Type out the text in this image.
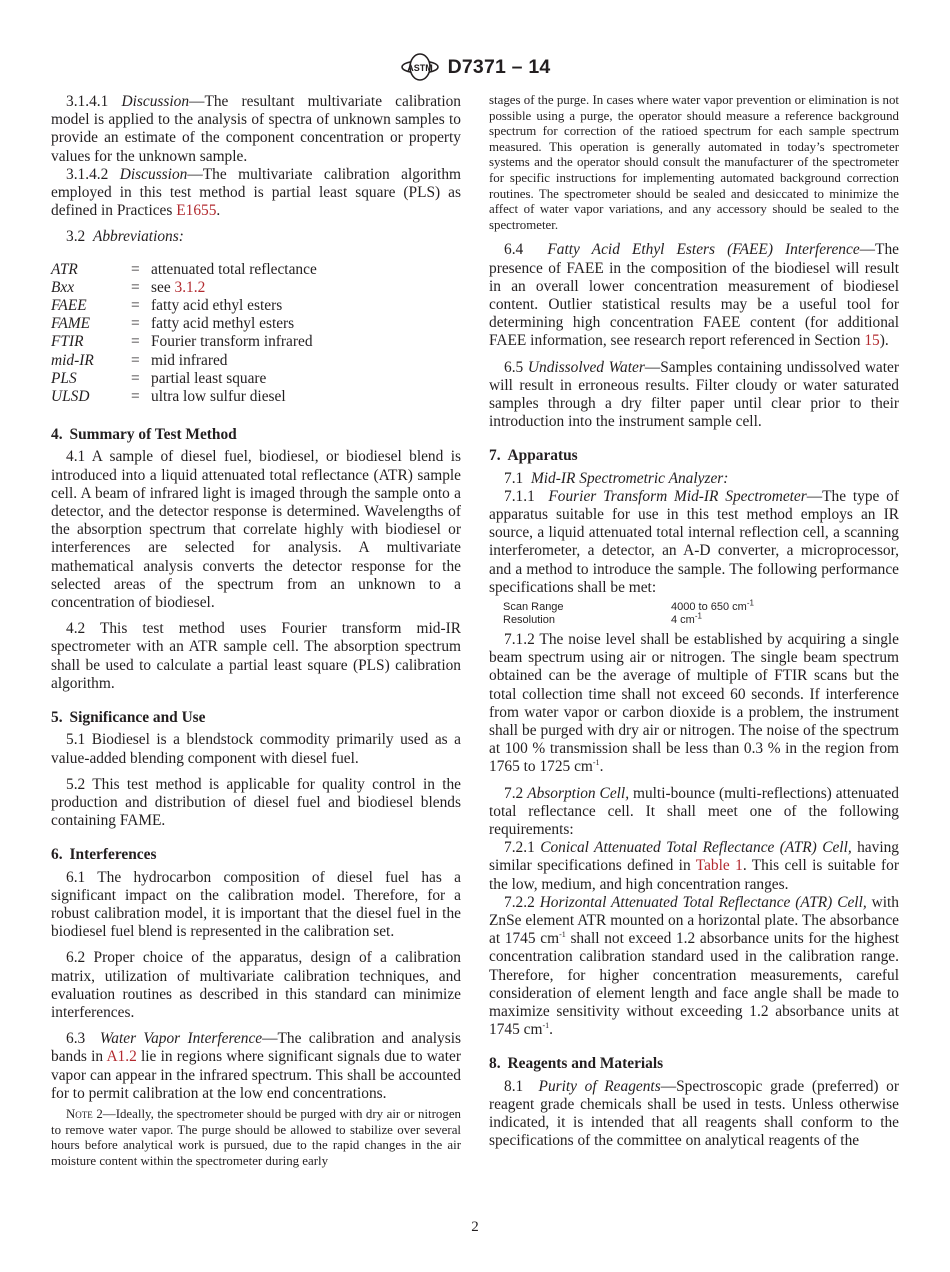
ASTM D7371 – 14

3.1.4.1 Discussion—The resultant multivariate calibration model is applied to the analysis of spectra of unknown samples to provide an estimate of the component concentration or property values for the unknown sample.

3.1.4.2 Discussion—The multivariate calibration algorithm employed in this test method is partial least square (PLS) as defined in Practices E1655.

3.2 Abbreviations:

ATR	= attenuated total reflectance
Bxx	= see 3.1.2
FAEE	= fatty acid ethyl esters
FAME	= fatty acid methyl esters
FTIR	= Fourier transform infrared
mid-IR	= mid infrared
PLS	= partial least square
ULSD	= ultra low sulfur diesel

4. Summary of Test Method

4.1 A sample of diesel fuel, biodiesel, or biodiesel blend is introduced into a liquid attenuated total reflectance (ATR) sample cell. A beam of infrared light is imaged through the sample onto a detector, and the detector response is determined. Wavelengths of the absorption spectrum that correlate highly with biodiesel or interferences are selected for analysis. A multivariate mathematical analysis converts the detector response for the selected areas of the spectrum from an unknown to a concentration of biodiesel.

4.2 This test method uses Fourier transform mid-IR spectrometer with an ATR sample cell. The absorption spectrum shall be used to calculate a partial least square (PLS) calibration algorithm.

5. Significance and Use

5.1 Biodiesel is a blendstock commodity primarily used as a value-added blending component with diesel fuel.

5.2 This test method is applicable for quality control in the production and distribution of diesel fuel and biodiesel blends containing FAME.

6. Interferences

6.1 The hydrocarbon composition of diesel fuel has a significant impact on the calibration model. Therefore, for a robust calibration model, it is important that the diesel fuel in the biodiesel fuel blend is represented in the calibration set.

6.2 Proper choice of the apparatus, design of a calibration matrix, utilization of multivariate calibration techniques, and evaluation routines as described in this standard can minimize interferences.

6.3 Water Vapor Interference—The calibration and analysis bands in A1.2 lie in regions where significant signals due to water vapor can appear in the infrared spectrum. This shall be accounted for to permit calibration at the low end concentrations.

Note 2—Ideally, the spectrometer should be purged with dry air or nitrogen to remove water vapor. The purge should be allowed to stabilize over several hours before analytical work is pursued, due to the rapid changes in the air moisture content within the spectrometer during early

stages of the purge. In cases where water vapor prevention or elimination is not possible using a purge, the operator should measure a reference background spectrum for correction of the ratioed spectrum for each sample spectrum measured. This operation is generally automated in today’s spectrometer systems and the operator should consult the manufacturer of the spectrometer for specific instructions for implementing automated background correction routines. The spectrometer should be sealed and desiccated to minimize the affect of water vapor variations, and any accessory should be sealed to the spectrometer.

6.4 Fatty Acid Ethyl Esters (FAEE) Interference—The presence of FAEE in the composition of the biodiesel will result in an overall lower concentration measurement of biodiesel content. Outlier statistical results may be a useful tool for determining high concentration FAEE content (for additional FAEE information, see research report referenced in Section 15).

6.5 Undissolved Water—Samples containing undissolved water will result in erroneous results. Filter cloudy or water saturated samples through a dry filter paper until clear prior to their introduction into the instrument sample cell.

7. Apparatus

7.1 Mid-IR Spectrometric Analyzer:

7.1.1 Fourier Transform Mid-IR Spectrometer—The type of apparatus suitable for use in this test method employs an IR source, a liquid attenuated total internal reflection cell, a scanning interferometer, a detector, an A-D converter, a microprocessor, and a method to introduce the sample. The following performance specifications shall be met:

Scan Range	4000 to 650 $cm^{-1}$
Resolution	4 $cm^{-1}$

7.1.2 The noise level shall be established by acquiring a single beam spectrum using air or nitrogen. The single beam spectrum obtained can be the average of multiple of FTIR scans but the total collection time shall not exceed 60 seconds. If interference from water vapor or carbon dioxide is a problem, the instrument shall be purged with dry air or nitrogen. The noise of the spectrum at 100 % transmission shall be less than 0.3 % in the region from 1765 to 1725 $cm^{-1}$.

7.2 Absorption Cell, multi-bounce (multi-reflections) attenuated total reflectance cell. It shall meet one of the following requirements:

7.2.1 Conical Attenuated Total Reflectance (ATR) Cell, having similar specifications defined in Table 1. This cell is suitable for the low, medium, and high concentration ranges.

7.2.2 Horizontal Attenuated Total Reflectance (ATR) Cell, with ZnSe element ATR mounted on a horizontal plate. The absorbance at 1745 $cm^{-1}$ shall not exceed 1.2 absorbance units for the highest concentration calibration standard used in the calibration range. Therefore, for higher concentration measurements, careful consideration of element length and face angle shall be made to maximize sensitivity without exceeding 1.2 absorbance units at 1745 $cm^{-1}$.

8. Reagents and Materials

8.1 Purity of Reagents—Spectroscopic grade (preferred) or reagent grade chemicals shall be used in tests. Unless otherwise indicated, it is intended that all reagents shall conform to the specifications of the committee on analytical reagents of the

2
